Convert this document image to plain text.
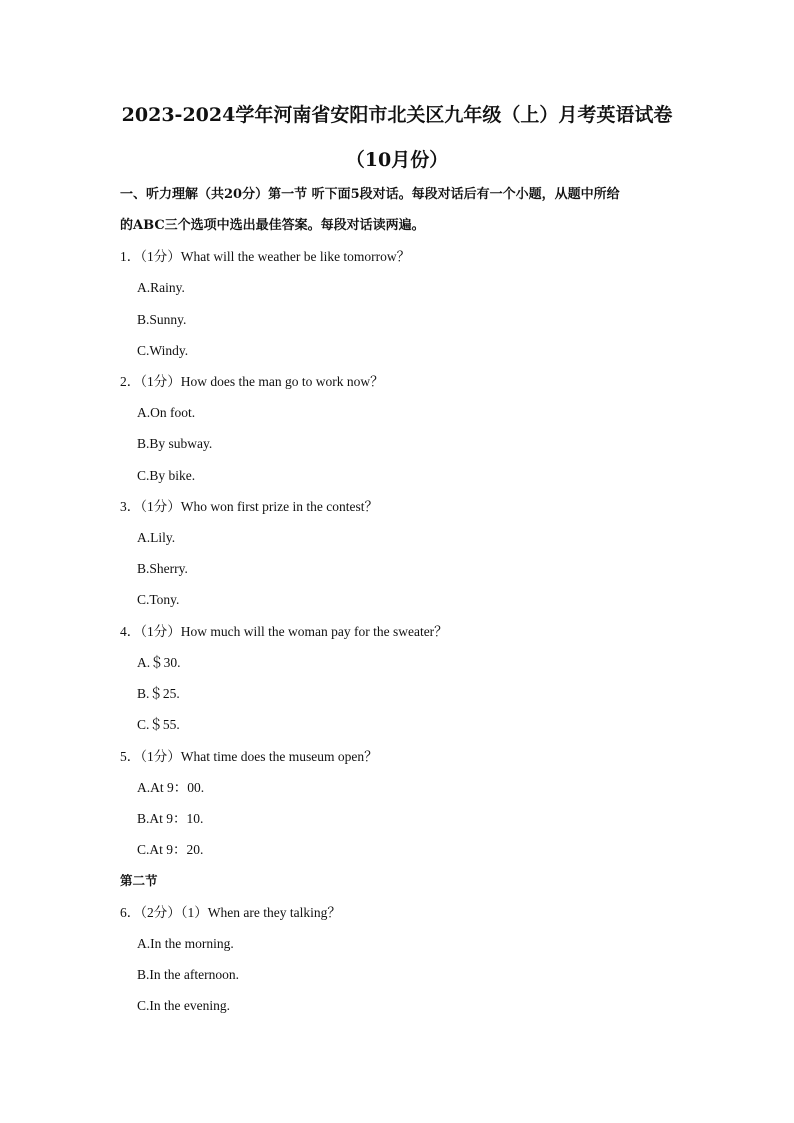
2023-2024学年河南省安阳市北关区九年级（上）月考英语试卷
（10月份）
一、听力理解（共20分）第一节 听下面5段对话。每段对话后有一个小题，从题中所给
的ABC三个选项中选出最佳答案。每段对话读两遍。
1．（1分）What will the weather be like tomorrow？
A.Rainy.
B.Sunny.
C.Windy.
2．（1分）How does the man go to work now？
A.On foot.
B.By subway.
C.By bike.
3．（1分）Who won first prize in the contest？
A.Lily.
B.Sherry.
C.Tony.
4．（1分）How much will the woman pay for the sweater？
A.＄30.
B.＄25.
C.＄55.
5．（1分）What time does the museum open？
A.At 9：00.
B.At 9：10.
C.At 9：20.
第二节
6．（2分）（1）When are they talking？
A.In the morning.
B.In the afternoon.
C.In the evening.
